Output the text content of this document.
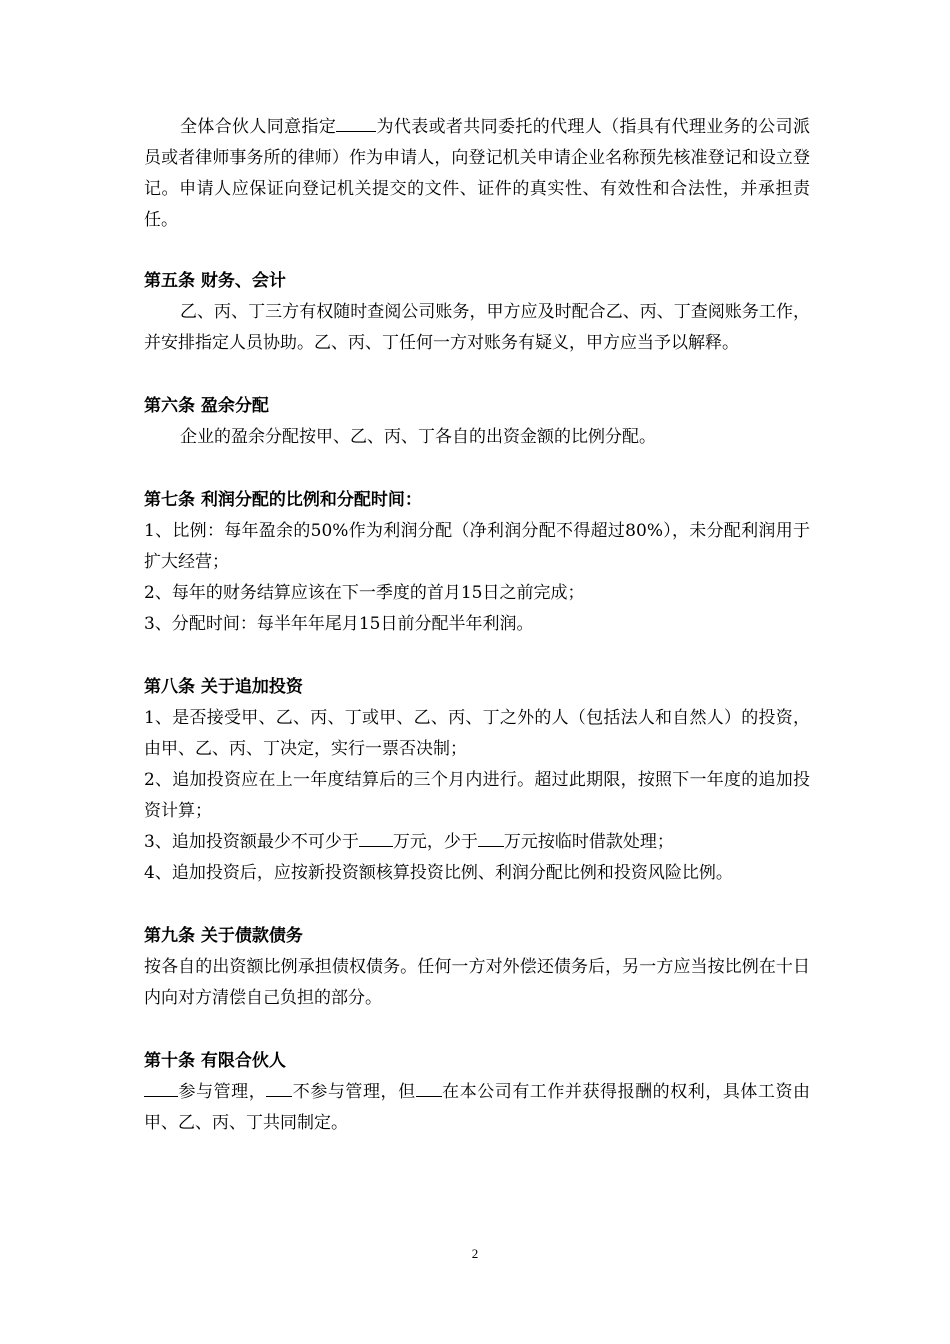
全体合伙人同意指定 为代表或者共同委托的代理人（指具有代理业务的公司派员或者律师事务所的律师）作为申请人，向登记机关申请企业名称预先核准登记和设立登记。申请人应保证向登记机关提交的文件、证件的真实性、有效性和合法性，并承担责任。

第五条 财务、会计

乙、丙、丁三方有权随时查阅公司账务，甲方应及时配合乙、丙、丁查阅账务工作，并安排指定人员协助。乙、丙、丁任何一方对账务有疑义，甲方应当予以解释。

第六条 盈余分配

企业的盈余分配按甲、乙、丙、丁各自的出资金额的比例分配。

第七条 利润分配的比例和分配时间：

1、比例：每年盈余的50%作为利润分配（净利润分配不得超过80%），未分配利润用于扩大经营；

2、每年的财务结算应该在下一季度的首月15日之前完成；

3、分配时间：每半年年尾月15日前分配半年利润。

第八条 关于追加投资

1、是否接受甲、乙、丙、丁或甲、乙、丙、丁之外的人（包括法人和自然人）的投资，由甲、乙、丙、丁决定，实行一票否决制；

2、追加投资应在上一年度结算后的三个月内进行。超过此期限，按照下一年度的追加投资计算；

3、追加投资额最少不可少于 万元，少于 万元按临时借款处理；

4、追加投资后，应按新投资额核算投资比例、利润分配比例和投资风险比例。

第九条 关于债款债务

按各自的出资额比例承担债权债务。任何一方对外偿还债务后，另一方应当按比例在十日内向对方清偿自己负担的部分。

第十条 有限合伙人

参与管理， 不参与管理，但 在本公司有工作并获得报酬的权利，具体工资由甲、乙、丙、丁共同制定。

2
